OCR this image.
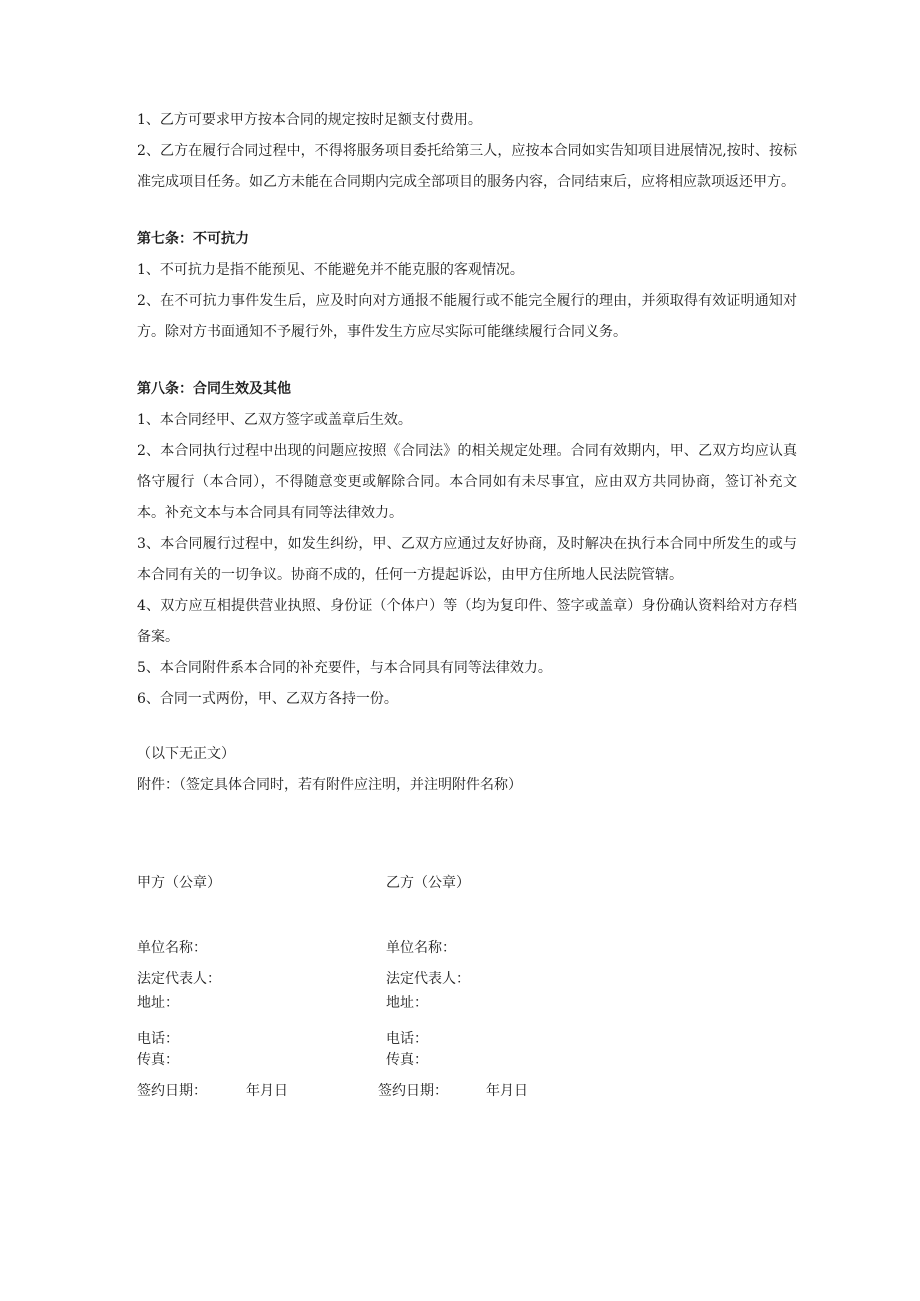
1、乙方可要求甲方按本合同的规定按时足额支付费用。

2、乙方在履行合同过程中，不得将服务项目委托给第三人，应按本合同如实告知项目进展情况,按时、按标准完成项目任务。如乙方未能在合同期内完成全部项目的服务内容，合同结束后，应将相应款项返还甲方。

第七条：不可抗力

1、不可抗力是指不能预见、不能避免并不能克服的客观情况。

2、在不可抗力事件发生后，应及时向对方通报不能履行或不能完全履行的理由，并须取得有效证明通知对方。除对方书面通知不予履行外，事件发生方应尽实际可能继续履行合同义务。

第八条：合同生效及其他

1、本合同经甲、乙双方签字或盖章后生效。

2、本合同执行过程中出现的问题应按照《合同法》的相关规定处理。合同有效期内，甲、乙双方均应认真恪守履行（本合同），不得随意变更或解除合同。本合同如有未尽事宜，应由双方共同协商，签订补充文本。补充文本与本合同具有同等法律效力。

3、本合同履行过程中，如发生纠纷，甲、乙双方应通过友好协商，及时解决在执行本合同中所发生的或与本合同有关的一切争议。协商不成的，任何一方提起诉讼，由甲方住所地人民法院管辖。

4、双方应互相提供营业执照、身份证（个体户）等（均为复印件、签字或盖章）身份确认资料给对方存档备案。

5、本合同附件系本合同的补充要件，与本合同具有同等法律效力。

6、合同一式两份，甲、乙双方各持一份。

（以下无正文）

附件：（签定具体合同时，若有附件应注明，并注明附件名称）

甲方（公章）	乙方（公章）
单位名称：	单位名称：
法定代表人：	法定代表人：
地址：	地址：
电话：	电话：
传真：	传真：
签约日期：	年月日	签约日期：	年月日
